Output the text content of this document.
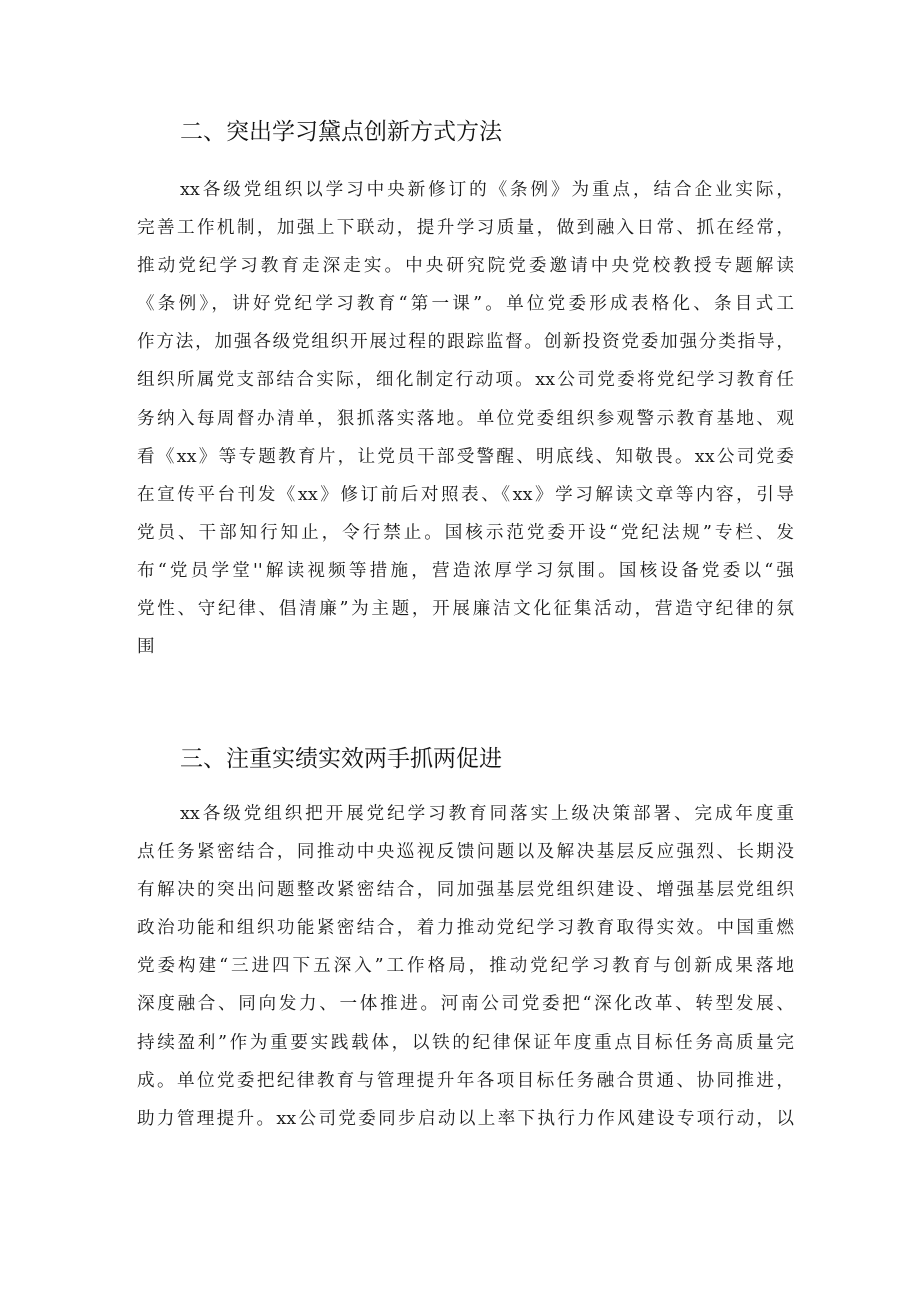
二、突出学习黛点创新方式方法
xx各级党组织以学习中央新修订的《条例》为重点，结合企业实际，
完善工作机制，加强上下联动，提升学习质量，做到融入日常、抓在经常，
推动党纪学习教育走深走实。中央研究院党委邀请中央党校教授专题解读
《条例》，讲好党纪学习教育“第一课”。单位党委形成表格化、条目式工
作方法，加强各级党组织开展过程的跟踪监督。创新投资党委加强分类指导，
组织所属党支部结合实际，细化制定行动项。xx公司党委将党纪学习教育任
务纳入每周督办清单，狠抓落实落地。单位党委组织参观警示教育基地、观
看《xx》等专题教育片，让党员干部受警醒、明底线、知敬畏。xx公司党委
在宣传平台刊发《xx》修订前后对照表、《xx》学习解读文章等内容，引导
党员、干部知行知止，令行禁止。国核示范党委开设“党纪法规”专栏、发
布“党员学堂''解读视频等措施，营造浓厚学习氛围。国核设备党委以“强
党性、守纪律、倡清廉”为主题，开展廉洁文化征集活动，营造守纪律的氛
围
三、注重实绩实效两手抓两促进
xx各级党组织把开展党纪学习教育同落实上级决策部署、完成年度重
点任务紧密结合，同推动中央巡视反馈问题以及解决基层反应强烈、长期没
有解决的突出问题整改紧密结合，同加强基层党组织建设、增强基层党组织
政治功能和组织功能紧密结合，着力推动党纪学习教育取得实效。中国重燃
党委构建“三进四下五深入”工作格局，推动党纪学习教育与创新成果落地
深度融合、同向发力、一体推进。河南公司党委把“深化改革、转型发展、
持续盈利”作为重要实践载体，以铁的纪律保证年度重点目标任务高质量完
成。单位党委把纪律教育与管理提升年各项目标任务融合贯通、协同推进，
助力管理提升。xx公司党委同步启动以上率下执行力作风建设专项行动，以
